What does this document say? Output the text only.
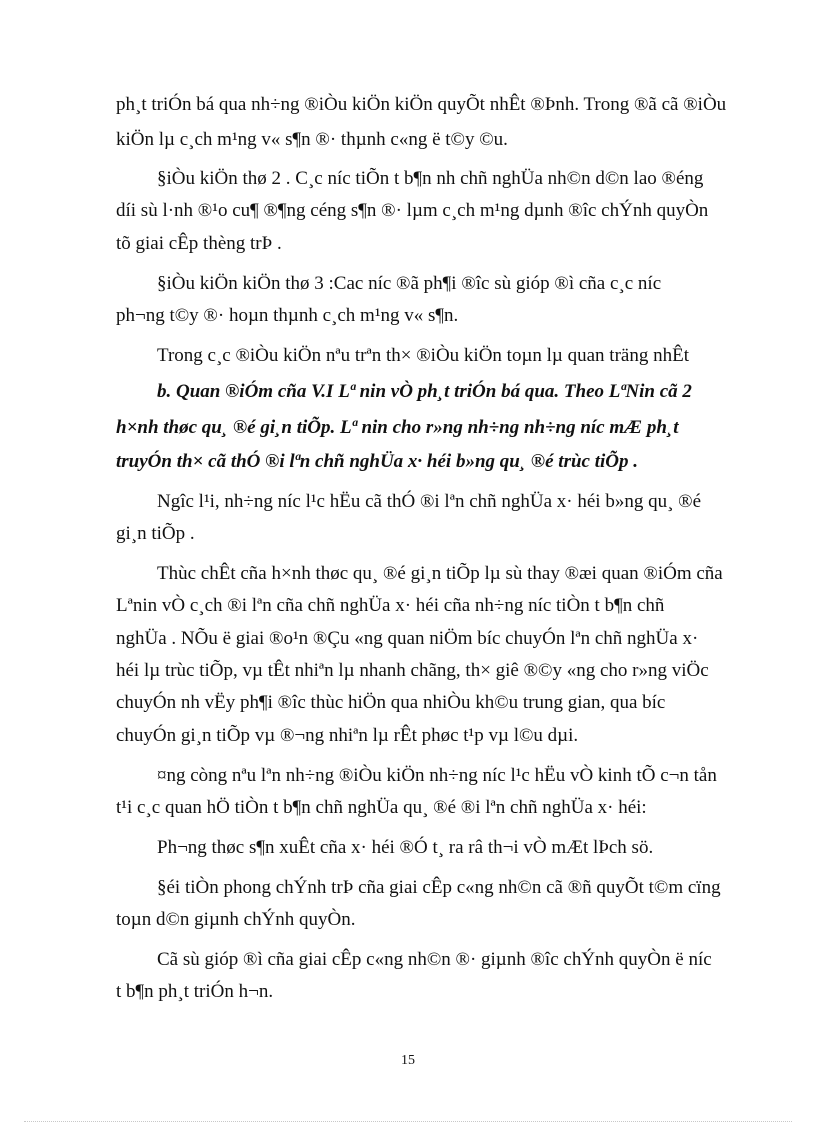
ph¸t triÓn bá qua nh÷ng ®iÒu kiÖn kiÖn quyÕt nhÊt ®Þnh. Trong ®ã cã ®iÒu
kiÖn lµ c¸ch m¹ng v« s¶n ®· thµnh c«ng ë t©y ©u.
§iÒu kiÖn thø 2 . C¸c níc tiÕn t b¶n nh chñ nghÜa nh©n d©n lao ®éng
díi sù l·nh ®¹o cu¶ ®¶ng céng s¶n ®· lµm c¸ch m¹ng dµnh ®îc chÝnh quyÒn
tõ giai cÊp thèng trÞ .
§iÒu kiÖn kiÖn thø 3 :Cac níc ®ã ph¶i ®îc sù gióp ®ì cña c¸c níc
ph¬ng t©y ®· hoµn thµnh c¸ch m¹ng v« s¶n.
Trong c¸c ®iÒu kiÖn nªu trªn th× ®iÒu kiÖn toµn lµ quan träng nhÊt
b. Quan ®iÓm cña V.I Lª nin vÒ ph¸t triÓn bá qua. Theo LªNin cã 2
h×nh thøc qu¸ ®é gi¸n tiÕp. Lª nin cho r»ng nh÷ng nh÷ng níc mÆ ph¸t
truyÓn th× cã thÓ ®i lªn chñ nghÜa x· héi b»ng qu¸ ®é trùc tiÕp .
Ngîc l¹i, nh÷ng níc l¹c hËu cã thÓ ®i lªn chñ nghÜa x· héi b»ng qu¸ ®é
gi¸n tiÕp .
Thùc chÊt cña h×nh thøc qu¸ ®é gi¸n tiÕp lµ sù thay ®æi quan ®iÓm cña
Lªnin vÒ c¸ch ®i lªn cña chñ nghÜa x· héi cña nh÷ng níc tiÒn t b¶n chñ
nghÜa . NÕu ë giai ®o¹n ®Çu «ng quan niÖm bíc chuyÓn lªn chñ nghÜa x·
héi lµ trùc tiÕp, vµ tÊt nhiªn lµ nhanh chãng, th× giê ®©y «ng cho r»ng viÖc
chuyÓn nh vËy ph¶i ®îc thùc hiÖn qua nhiÒu kh©u trung gian, qua bíc
chuyÓn gi¸n tiÕp vµ ®¬ng nhiªn lµ rÊt phøc t¹p vµ l©u dµi.
¤ng còng nªu lªn nh÷ng ®iÒu kiÖn nh÷ng níc l¹c hËu vÒ kinh tÕ c¬n tån
t¹i c¸c quan hÖ tiÒn t b¶n chñ nghÜa qu¸ ®é ®i lªn chñ nghÜa x· héi:
Ph¬ng thøc s¶n xuÊt cña x· héi ®Ó t¸ ra râ th¬i vÒ mÆt lÞch sö.
§éi tiÒn phong chÝnh trÞ cña giai cÊp c«ng nh©n cã ®ñ quyÕt t©m cïng
toµn d©n giµnh chÝnh quyÒn.
Cã sù gióp ®ì cña giai cÊp c«ng nh©n ®· giµnh ®îc chÝnh quyÒn ë níc
t b¶n ph¸t triÓn h¬n.
15
